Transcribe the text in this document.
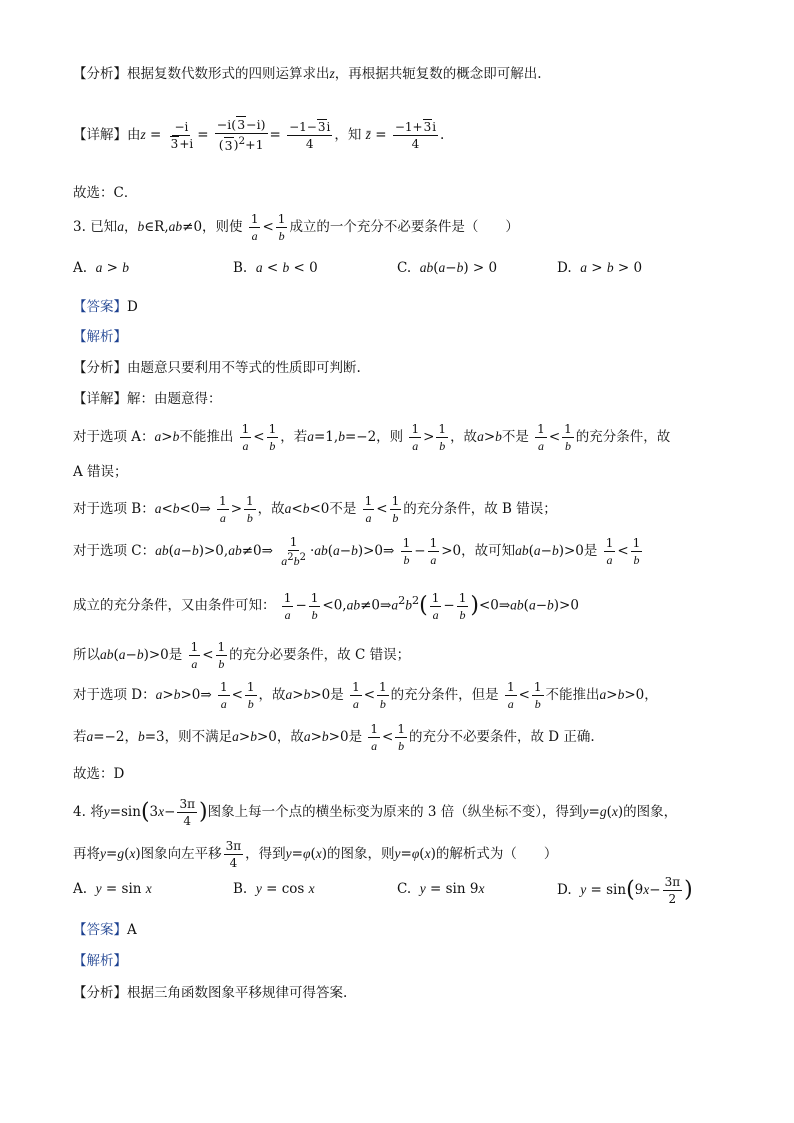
【分析】根据复数代数形式的四则运算求出z，再根据共轭复数的概念即可解出.
【详解】由$z = \frac{-i}{3+i} = \frac{-i(3-i)}{(3)^2+1} = \frac{-1-3i}{4}$ ，知 z̄ = $\frac{-1+3i}{4}$ .
故选：C．
3. 已知a，b∈R,ab≠0，则使 $\frac{1}{a} < \frac{1}{b}$ 成立的一个充分不必要条件是（　　）
A. a > b	B. a < b < 0	C. ab(a−b) > 0	D. a > b > 0
【答案】D
【解析】
【分析】由题意只要利用不等式的性质即可判断.
【详解】解：由题意得：
对于选项 A：a>b不能推出 $\frac{1}{a} < \frac{1}{b}$ ，若a=1,b=−2，则 $\frac{1}{a} > \frac{1}{b}$ ，故a>b不是 $\frac{1}{a} < \frac{1}{b}$ 的充分条件，故
A 错误；
对于选项 B：a<b<0⇒ $\frac{1}{a} > \frac{1}{b}$ ，故a<b<0不是 $\frac{1}{a} < \frac{1}{b}$ 的充分条件，故 B 错误；
对于选项 C：ab(a−b)>0,ab≠0⇒ $\frac{1}{a^2b^2}$ ·ab(a−b)>0⇒ $\frac{1}{b} - \frac{1}{a} >0$，故可知ab(a−b)>0是 $\frac{1}{a} < \frac{1}{b}$
成立的充分条件，又由条件可知： $\frac{1}{a} - \frac{1}{b}$ $<0,ab\ne 0\Rightarrow a^2b^2( \frac{1}{a} - \frac{1}{b}$ )<0⇒ab(a−b)>0
所以ab(a−b)>0是 $\frac{1}{a} < \frac{1}{b}$ 的充分必要条件，故 C 错误；
对于选项 D：a>b>0⇒ $\frac{1}{a} < \frac{1}{b}$ ，故a>b>0是 $\frac{1}{a} < \frac{1}{b}$ 的充分条件，但是 $\frac{1}{a} < \frac{1}{b}$ 不能推出a>b>0，
若a=−2，b=3，则不满足a>b>0，故a>b>0是 $\frac{1}{a} < \frac{1}{b}$ 的充分不必要条件，故 D 正确.
故选：D
4. 将$y=\sin(3x- \frac{3\pi}{4}$ )图象上每一个点的横坐标变为原来的 3 倍（纵坐标不变），得到y=g(x)的图象，
再将y=g(x)图象向左平移 $\frac{3\pi}{4}$ ，得到y=φ(x)的图象，则y=φ(x)的解析式为（　　）
A. y = sin x	B. y = cos x	C. y = sin 9x	D. $y = \sin(9x- \frac{3\pi}{2}$ )
【答案】A
【解析】
【分析】根据三角函数图象平移规律可得答案.
